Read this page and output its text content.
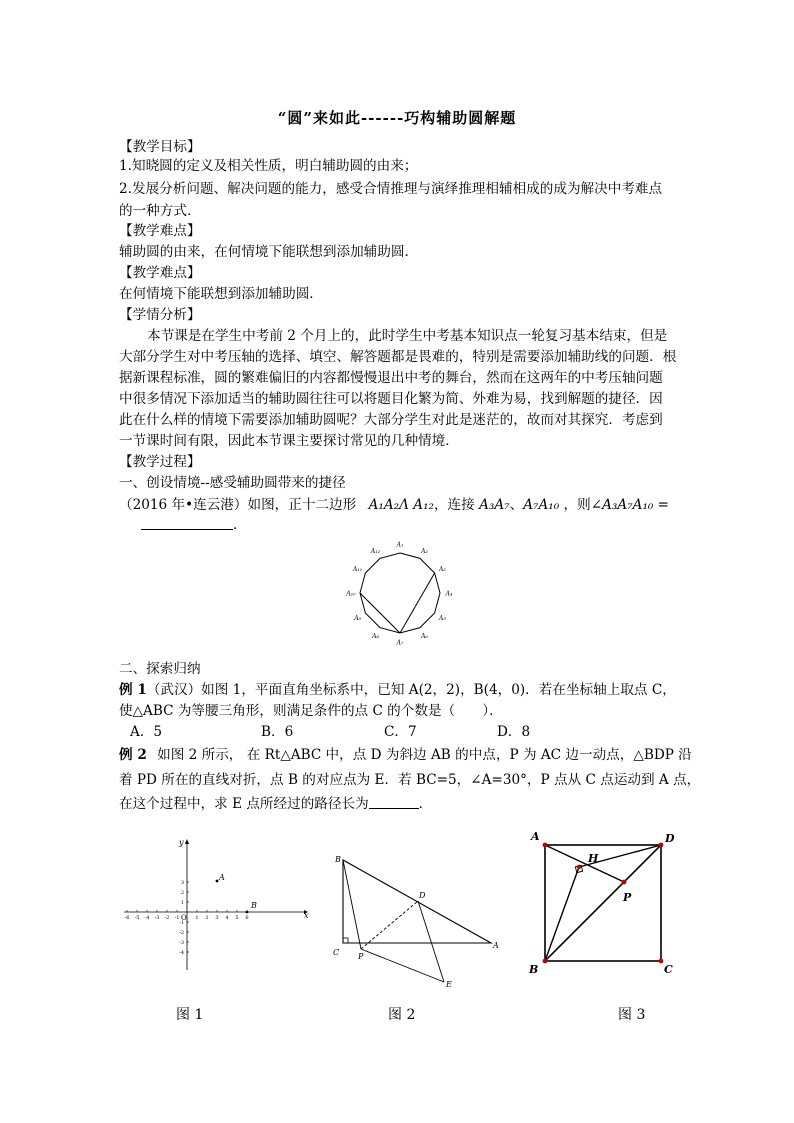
“圆”来如此------巧构辅助圆解题
【教学目标】
1.知晓圆的定义及相关性质，明白辅助圆的由来；
2.发展分析问题、解决问题的能力，感受合情推理与演绎推理相辅相成的成为解决中考难点
的一种方式．
【教学难点】
辅助圆的由来，在何情境下能联想到添加辅助圆．
【教学难点】
在何情境下能联想到添加辅助圆．
【学情分析】
本节课是在学生中考前 2 个月上的，此时学生中考基本知识点一轮复习基本结束，但是
大部分学生对中考压轴的选择、填空、解答题都是畏难的，特别是需要添加辅助线的问题．根
据新课程标准，圆的繁难偏旧的内容都慢慢退出中考的舞台，然而在这两年的中考压轴问题
中很多情况下添加适当的辅助圆往往可以将题目化繁为简、外难为易，找到解题的捷径．因
此在什么样的情境下需要添加辅助圆呢？大部分学生对此是迷茫的，故而对其探究．考虑到
一节课时间有限，因此本节课主要探讨常见的几种情境．
【教学过程】
一、创设情境--感受辅助圆带来的捷径
（2016 年•连云港）如图，正十二边形 A₁A₂Λ A₁₂，连接 A₃A₇、A₇A₁₀ ，则∠A₃A₇A₁₀ =
．
A₁
A₂
A₃
A₄
A₅
A₆
A₇
A₈
A₉
A₁₀
A₁₁
A₁₂
二、探索归纳
例 1（武汉）如图 1，平面直角坐标系中，已知 A(2，2)，B(4，0)．若在坐标轴上取点 C，
使△ABC 为等腰三角形，则满足条件的点 C 的个数是（　　）．
A．5	B．6	C．7	D．8
例 2 如图 2 所示， 在 Rt△ABC 中，点 D 为斜边 AB 的中点，P 为 AC 边一动点，△BDP 沿
着 PD 所在的直线对折，点 B 的对应点为 E．若 BC=5，∠A=30°，P 点从 C 点运动到 A 点，
在这个过程中，求 E 点所经过的路径长为	．
-6 -5 -4 -3 -2 -1	1 2 3 4 5 6
3
2
1
-1
-2
-3
-4
x
y
O
A
B
B
C P
A
D
E
A	D
H
P
B	C
图 1	图 2	图 3
